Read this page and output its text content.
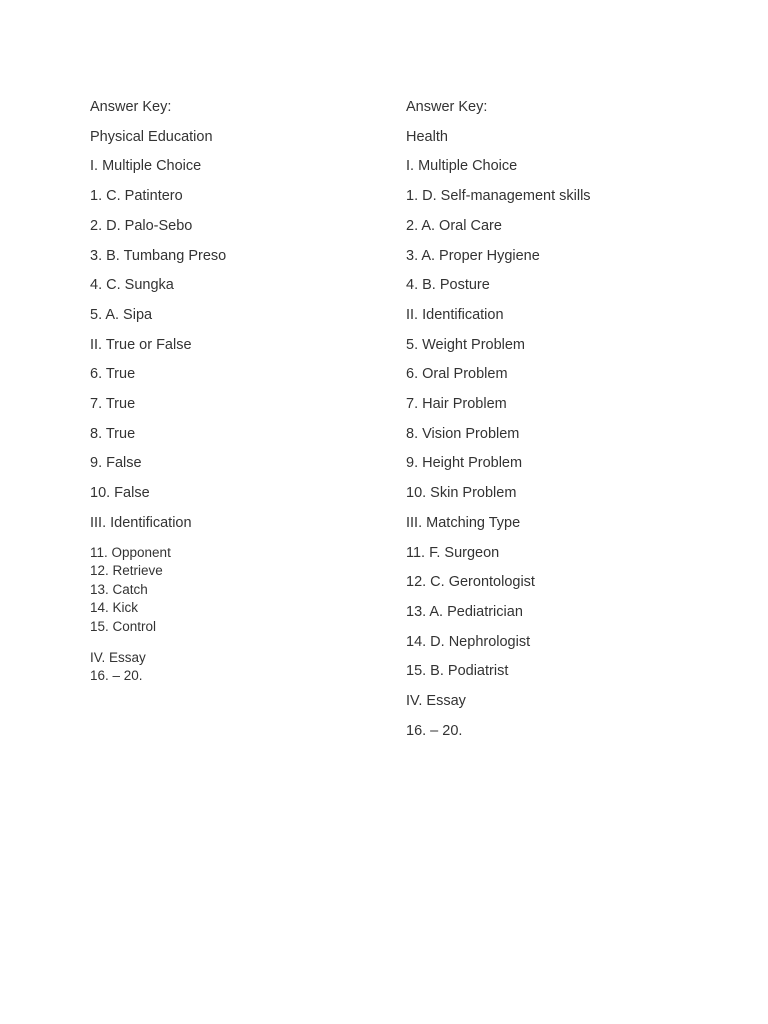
Answer Key:
Physical Education
I. Multiple Choice
1. C. Patintero
2. D. Palo-Sebo
3. B. Tumbang Preso
4. C. Sungka
5. A. Sipa
II. True or False
6. True
7. True
8. True
9. False
10. False
III. Identification
11. Opponent
12. Retrieve
13. Catch
14. Kick
15. Control
IV. Essay
16. – 20.
Answer Key:
Health
I. Multiple Choice
1. D. Self-management skills
2. A. Oral Care
3. A. Proper Hygiene
4. B. Posture
II. Identification
5. Weight Problem
6. Oral Problem
7. Hair Problem
8. Vision Problem
9. Height Problem
10. Skin Problem
III. Matching Type
11. F. Surgeon
12. C. Gerontologist
13. A. Pediatrician
14. D. Nephrologist
15. B. Podiatrist
IV. Essay
16. – 20.
